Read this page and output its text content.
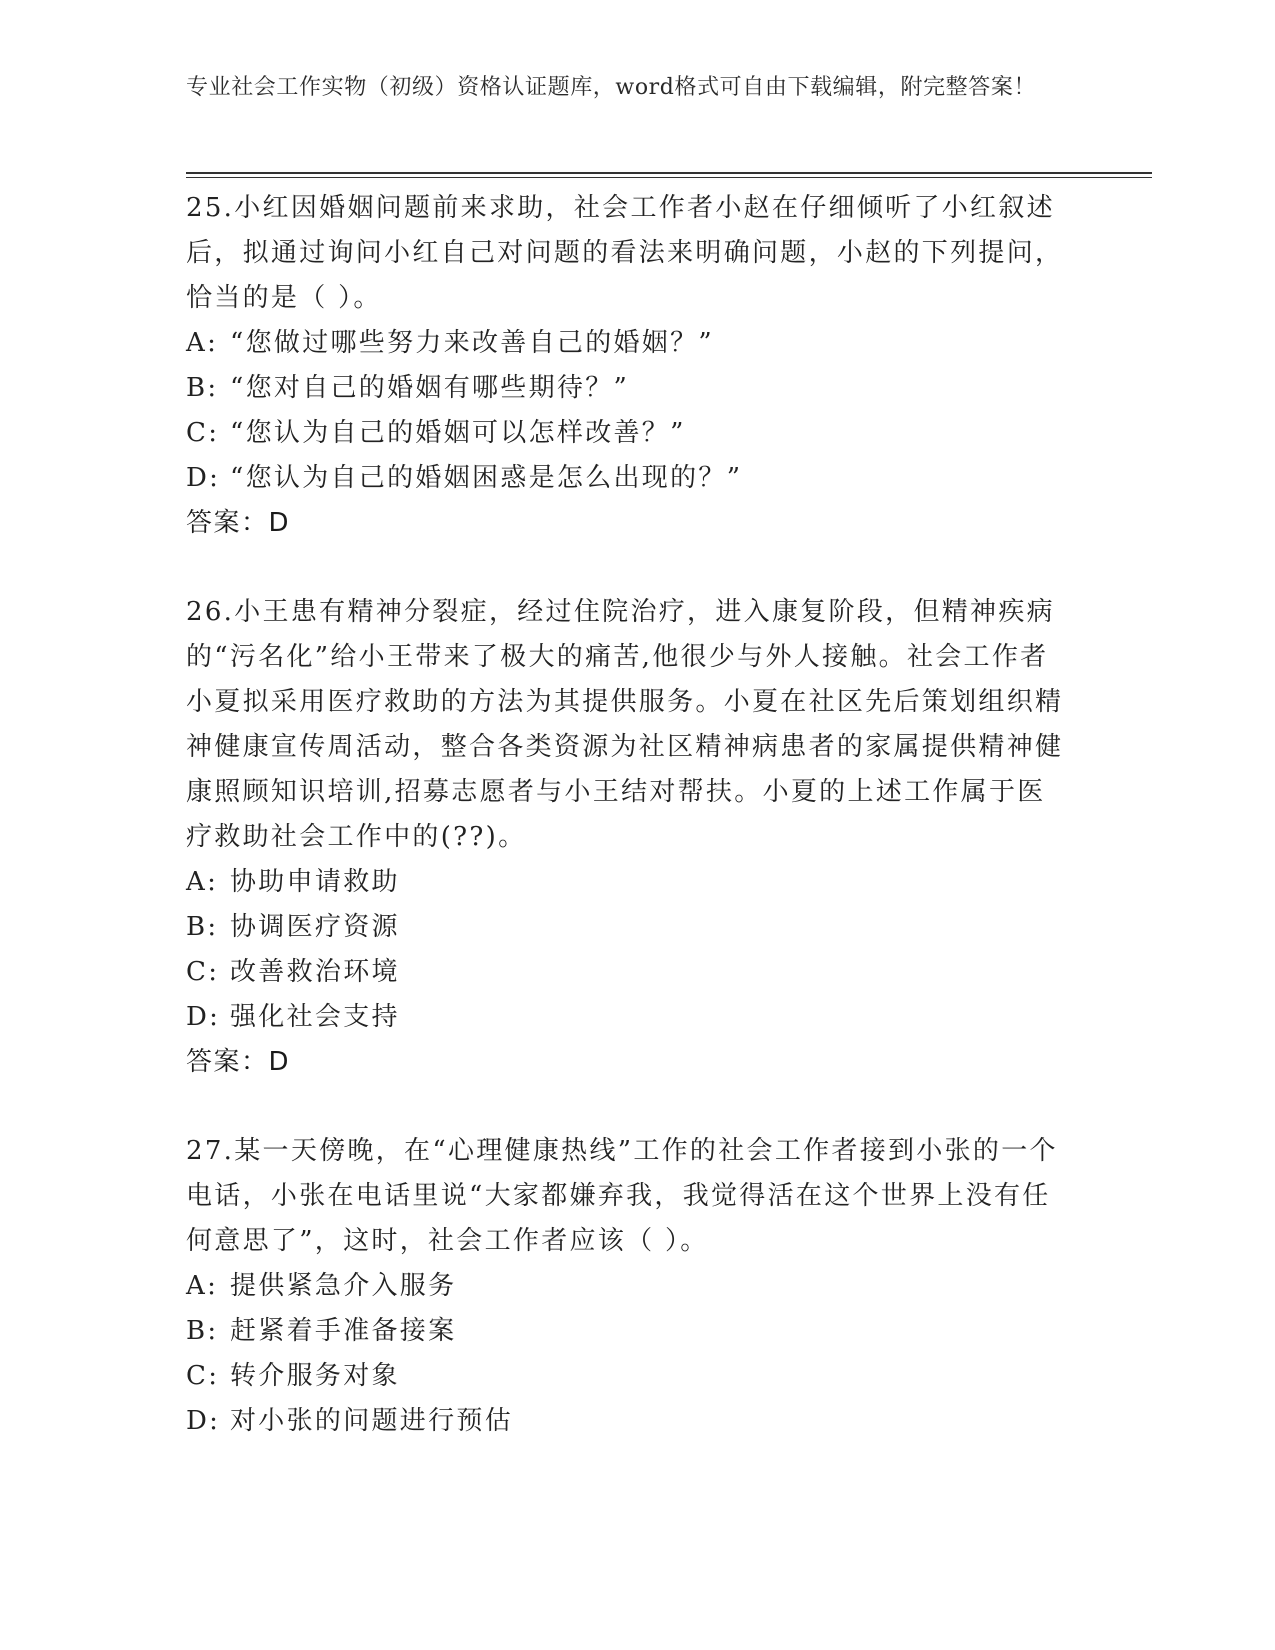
专业社会工作实物（初级）资格认证题库，word格式可自由下载编辑，附完整答案！

25.小红因婚姻问题前来求助，社会工作者小赵在仔细倾听了小红叙述后，拟通过询问小红自己对问题的看法来明确问题，小赵的下列提问，恰当的是（ ）。

A: “您做过哪些努力来改善自己的婚姻？”

B: “您对自己的婚姻有哪些期待？”

C: “您认为自己的婚姻可以怎样改善？”

D: “您认为自己的婚姻困惑是怎么出现的？”

答案：D

26.小王患有精神分裂症，经过住院治疗，进入康复阶段，但精神疾病的“污名化”给小王带来了极大的痛苦,他很少与外人接触。社会工作者小夏拟采用医疗救助的方法为其提供服务。小夏在社区先后策划组织精神健康宣传周活动，整合各类资源为社区精神病患者的家属提供精神健康照顾知识培训,招募志愿者与小王结对帮扶。小夏的上述工作属于医疗救助社会工作中的(??)。

A: 协助申请救助

B: 协调医疗资源

C: 改善救治环境

D: 强化社会支持

答案：D

27.某一天傍晚，在“心理健康热线”工作的社会工作者接到小张的一个电话，小张在电话里说“大家都嫌弃我，我觉得活在这个世界上没有任何意思了”，这时，社会工作者应该（ ）。

A: 提供紧急介入服务

B: 赶紧着手准备接案

C: 转介服务对象

D: 对小张的问题进行预估
